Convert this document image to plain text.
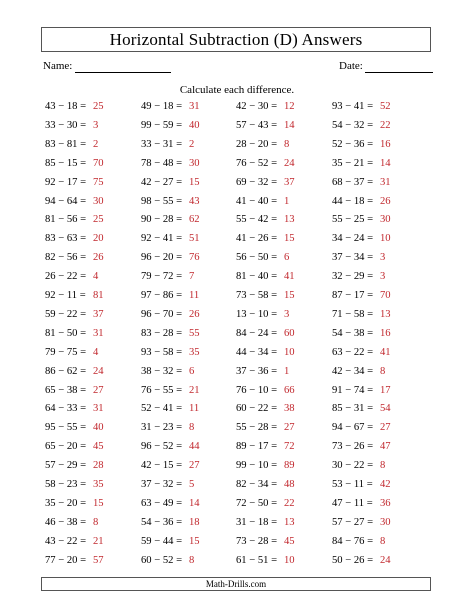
Horizontal Subtraction (D) Answers
Name:	Date:
Calculate each difference.
43 − 18 = 25
33 − 30 = 3
83 − 81 = 2
85 − 15 = 70
92 − 17 = 75
94 − 64 = 30
81 − 56 = 25
83 − 63 = 20
82 − 56 = 26
26 − 22 = 4
92 − 11 = 81
59 − 22 = 37
81 − 50 = 31
79 − 75 = 4
86 − 62 = 24
65 − 38 = 27
64 − 33 = 31
95 − 55 = 40
65 − 20 = 45
57 − 29 = 28
58 − 23 = 35
35 − 20 = 15
46 − 38 = 8
43 − 22 = 21
77 − 20 = 57
49 − 18 = 31
99 − 59 = 40
33 − 31 = 2
78 − 48 = 30
42 − 27 = 15
98 − 55 = 43
90 − 28 = 62
92 − 41 = 51
96 − 20 = 76
79 − 72 = 7
97 − 86 = 11
96 − 70 = 26
83 − 28 = 55
93 − 58 = 35
38 − 32 = 6
76 − 55 = 21
52 − 41 = 11
31 − 23 = 8
96 − 52 = 44
42 − 15 = 27
37 − 32 = 5
63 − 49 = 14
54 − 36 = 18
59 − 44 = 15
60 − 52 = 8
42 − 30 = 12
57 − 43 = 14
28 − 20 = 8
76 − 52 = 24
69 − 32 = 37
41 − 40 = 1
55 − 42 = 13
41 − 26 = 15
56 − 50 = 6
81 − 40 = 41
73 − 58 = 15
13 − 10 = 3
84 − 24 = 60
44 − 34 = 10
37 − 36 = 1
76 − 10 = 66
60 − 22 = 38
55 − 28 = 27
89 − 17 = 72
99 − 10 = 89
82 − 34 = 48
72 − 50 = 22
31 − 18 = 13
73 − 28 = 45
61 − 51 = 10
93 − 41 = 52
54 − 32 = 22
52 − 36 = 16
35 − 21 = 14
68 − 37 = 31
44 − 18 = 26
55 − 25 = 30
34 − 24 = 10
37 − 34 = 3
32 − 29 = 3
87 − 17 = 70
71 − 58 = 13
54 − 38 = 16
63 − 22 = 41
42 − 34 = 8
91 − 74 = 17
85 − 31 = 54
94 − 67 = 27
73 − 26 = 47
30 − 22 = 8
53 − 11 = 42
47 − 11 = 36
57 − 27 = 30
84 − 76 = 8
50 − 26 = 24
Math-Drills.com
